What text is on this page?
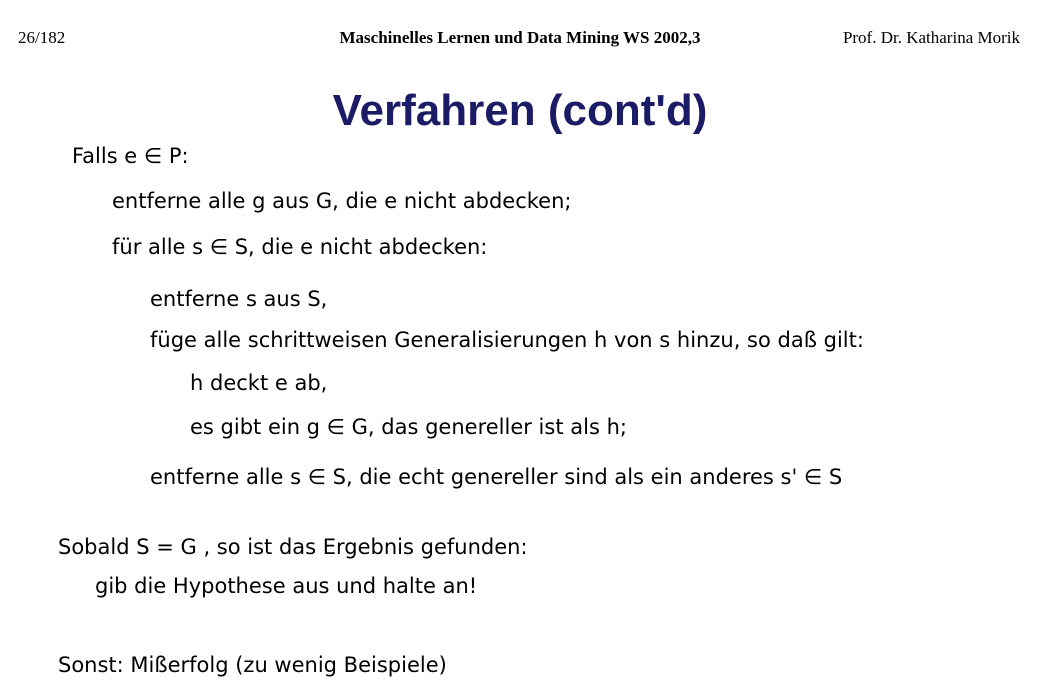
26/182	Maschinelles Lernen und Data Mining WS 2002,3	Prof. Dr. Katharina Morik
Verfahren (cont'd)
Falls e ∈ P:
entferne alle g aus G, die e nicht abdecken;
für alle s ∈ S, die e nicht abdecken:
entferne s aus S,
füge alle schrittweisen Generalisierungen h von s hinzu, so daß gilt:
h deckt e ab,
es gibt ein g ∈ G, das genereller ist als h;
entferne alle s ∈ S, die echt genereller sind als ein anderes s' ∈ S
Sobald S = G , so ist das Ergebnis gefunden:
gib die Hypothese aus und halte an!
Sonst: Mißerfolg (zu wenig Beispiele)
